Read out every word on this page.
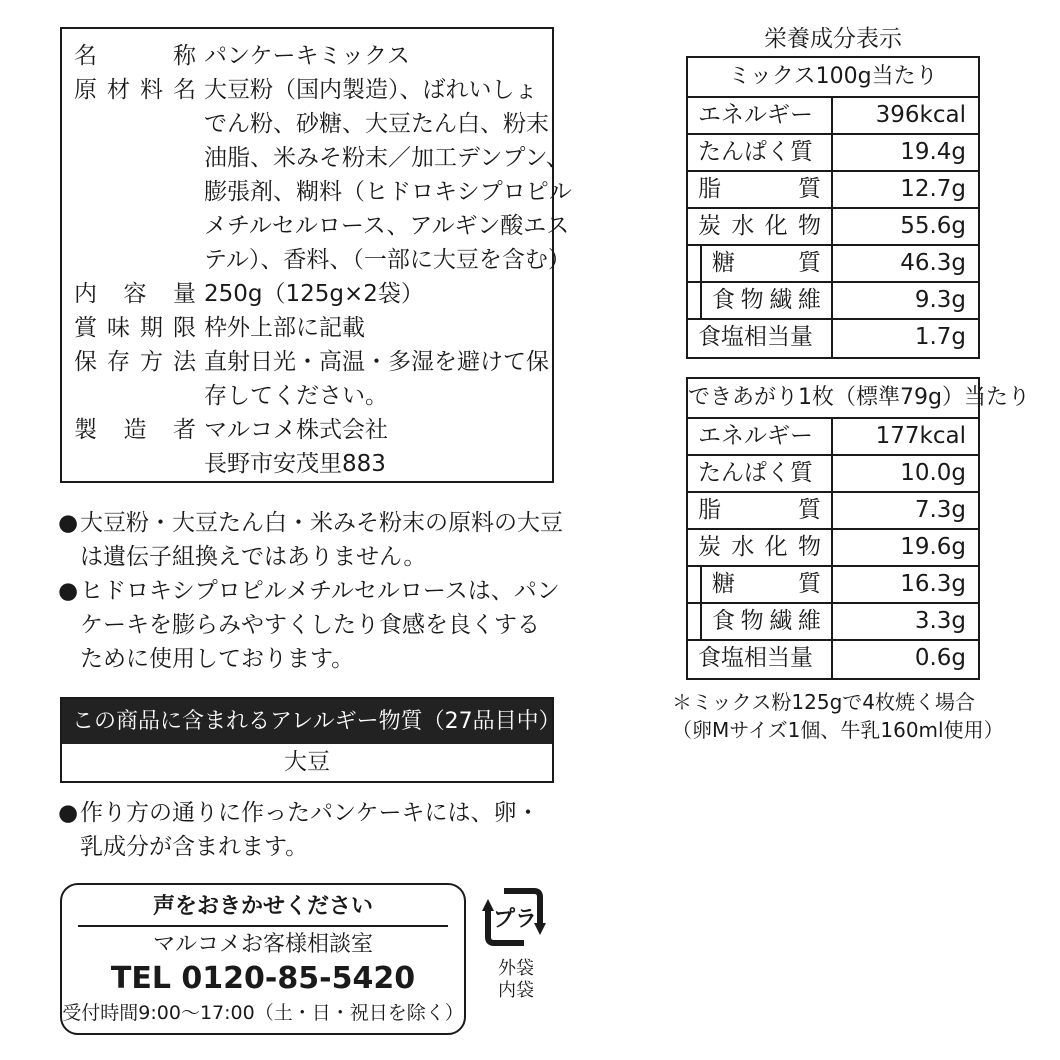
名	称 パンケーキミックス
原 材 料 名 大豆粉（国内製造）、ばれいしょ
でん粉、砂糖、大豆たん白、粉末
油脂、米みそ粉末／加工デンプン、
膨張剤、糊料（ヒドロキシプロピル
メチルセルロース、アルギン酸エス
テル）、香料、（一部に大豆を含む）
内 容 量 250g（125g×2袋）
賞 味 期 限 枠外上部に記載
保 存 方 法 直射日光・高温・多湿を避けて保
存してください。
製 造 者 マルコメ株式会社
長野市安茂里883
● 大豆粉・大豆たん白・米みそ粉末の原料の大豆
は遺伝子組換えではありません。
● ヒドロキシプロピルメチルセルロースは、パン
ケーキを膨らみやすくしたり食感を良くする
ために使用しております。
この商品に含まれるアレルギー物質（27品目中）
大豆
● 作り方の通りに作ったパンケーキには、卵・
乳成分が含まれます。
声をおきかせください
マルコメお客様相談室
TEL 0120-85-5420
受付時間9:00～17:00（土・日・祝日を除く）
プラ
外袋
内袋
栄養成分表示
ミックス100g当たり
エネルギー	396kcal
たんぱく質	19.4g
脂	質	12.7g
炭 水 化 物	55.6g
糖	質	46.3g
食 物 繊 維	9.3g
食塩相当量	1.7g
できあがり1枚（標準79g）当たり
エネルギー	177kcal
たんぱく質	10.0g
脂	質	7.3g
炭 水 化 物	19.6g
糖	質	16.3g
食 物 繊 維	3.3g
食塩相当量	0.6g
＊ミックス粉125gで4枚焼く場合
（卵Mサイズ1個、牛乳160ml使用）
